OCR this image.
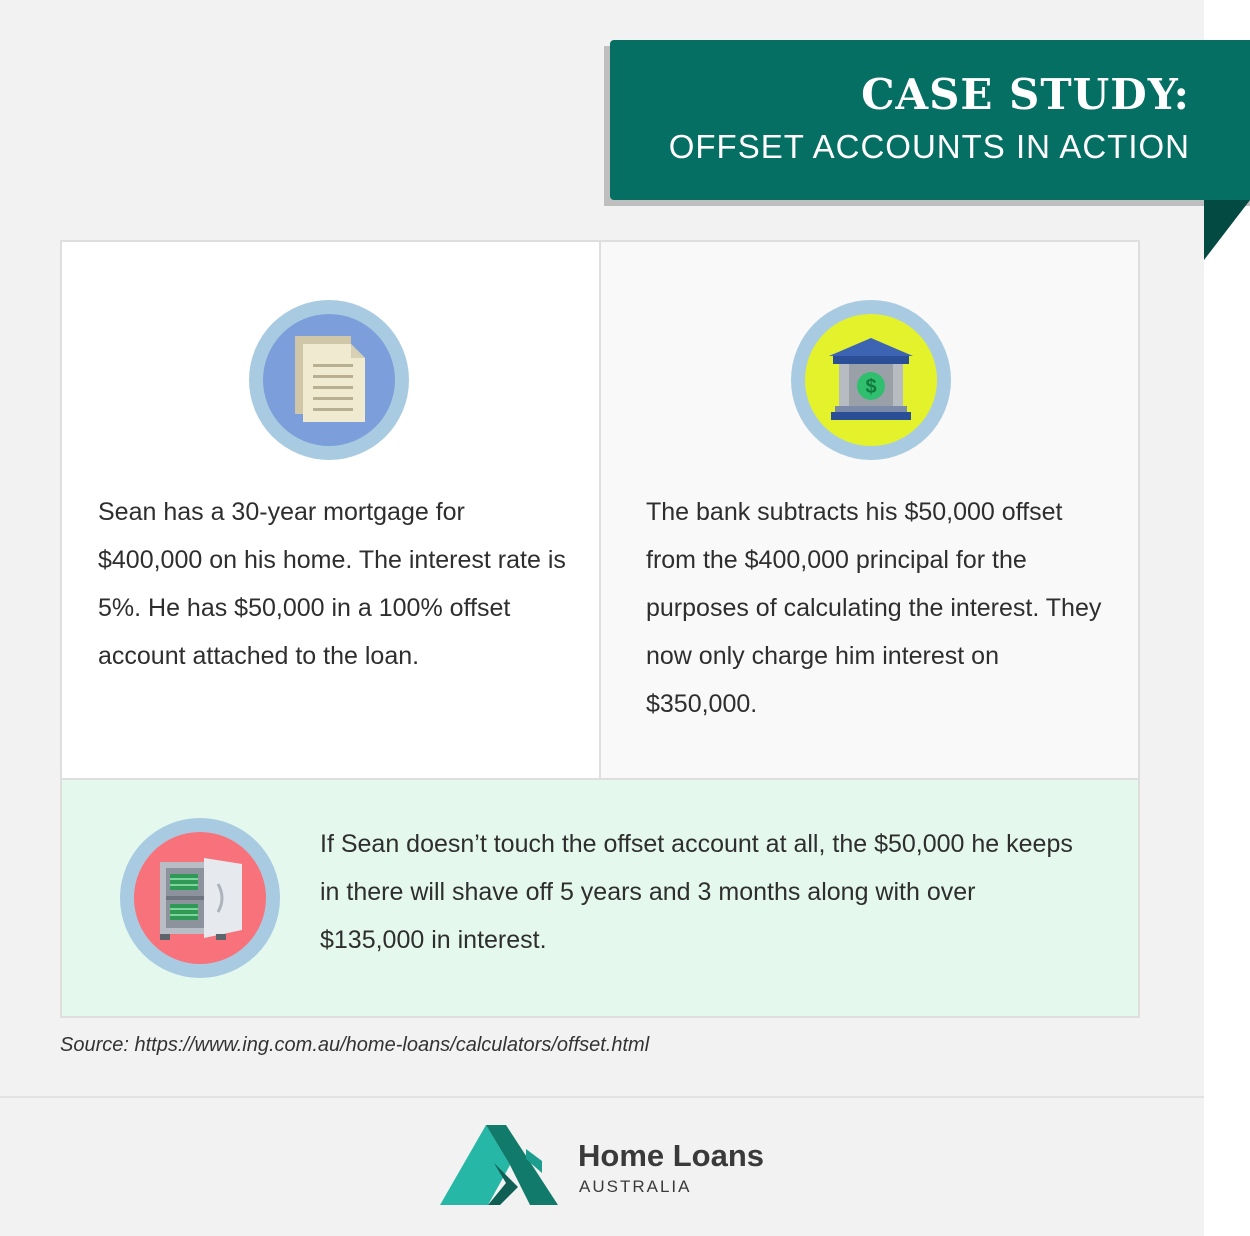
CASE STUDY:
OFFSET ACCOUNTS IN ACTION
Sean has a 30-year mortgage for $400,000 on his home. The interest rate is 5%. He has $50,000 in a 100% offset account attached to the loan.
$
The bank subtracts his $50,000 offset from the $400,000 principal for the purposes of calculating the interest. They now only charge him interest on $350,000.
If Sean doesn’t touch the offset account at all, the $50,000 he keeps in there will shave off 5 years and 3 months along with over $135,000 in interest.
Source: https://www.ing.com.au/home-loans/calculators/offset.html
Home Loans
AUSTRALIA
